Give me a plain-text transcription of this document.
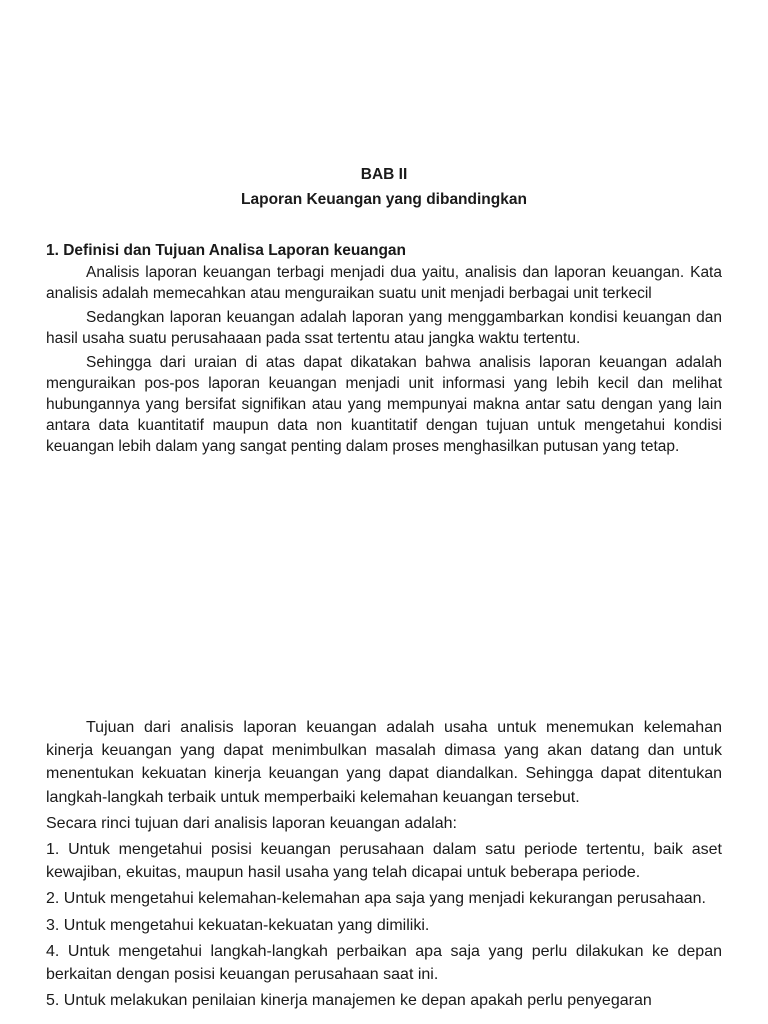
BAB II
Laporan Keuangan yang dibandingkan

1. Definisi dan Tujuan Analisa Laporan keuangan

Analisis laporan keuangan terbagi menjadi dua yaitu, analisis dan laporan keuangan. Kata analisis adalah memecahkan atau menguraikan suatu unit menjadi berbagai unit terkecil

Sedangkan laporan keuangan adalah laporan yang menggambarkan kondisi keuangan dan hasil usaha suatu perusahaaan pada ssat tertentu atau jangka waktu tertentu.

Sehingga dari uraian di atas dapat dikatakan bahwa analisis laporan keuangan adalah menguraikan pos-pos laporan keuangan menjadi unit informasi yang lebih kecil dan melihat hubungannya yang bersifat signifikan atau yang mempunyai makna antar satu dengan yang lain antara data kuantitatif maupun data non kuantitatif dengan tujuan untuk mengetahui kondisi keuangan lebih dalam yang sangat penting dalam proses menghasilkan putusan yang tetap.

Tujuan dari analisis laporan keuangan adalah usaha untuk menemukan kelemahan kinerja keuangan yang dapat menimbulkan masalah dimasa yang akan datang dan untuk menentukan kekuatan kinerja keuangan yang dapat diandalkan. Sehingga dapat ditentukan langkah-langkah terbaik untuk memperbaiki kelemahan keuangan tersebut.

Secara rinci tujuan dari analisis laporan keuangan adalah:

1. Untuk mengetahui posisi keuangan perusahaan dalam satu periode tertentu, baik aset kewajiban, ekuitas, maupun hasil usaha yang telah dicapai untuk beberapa periode.

2. Untuk mengetahui kelemahan-kelemahan apa saja yang menjadi kekurangan perusahaan.

3. Untuk mengetahui kekuatan-kekuatan yang dimiliki.

4. Untuk mengetahui langkah-langkah perbaikan apa saja yang perlu dilakukan ke depan berkaitan dengan posisi keuangan perusahaan saat ini.

5. Untuk melakukan penilaian kinerja manajemen ke depan apakah perlu penyegaran
